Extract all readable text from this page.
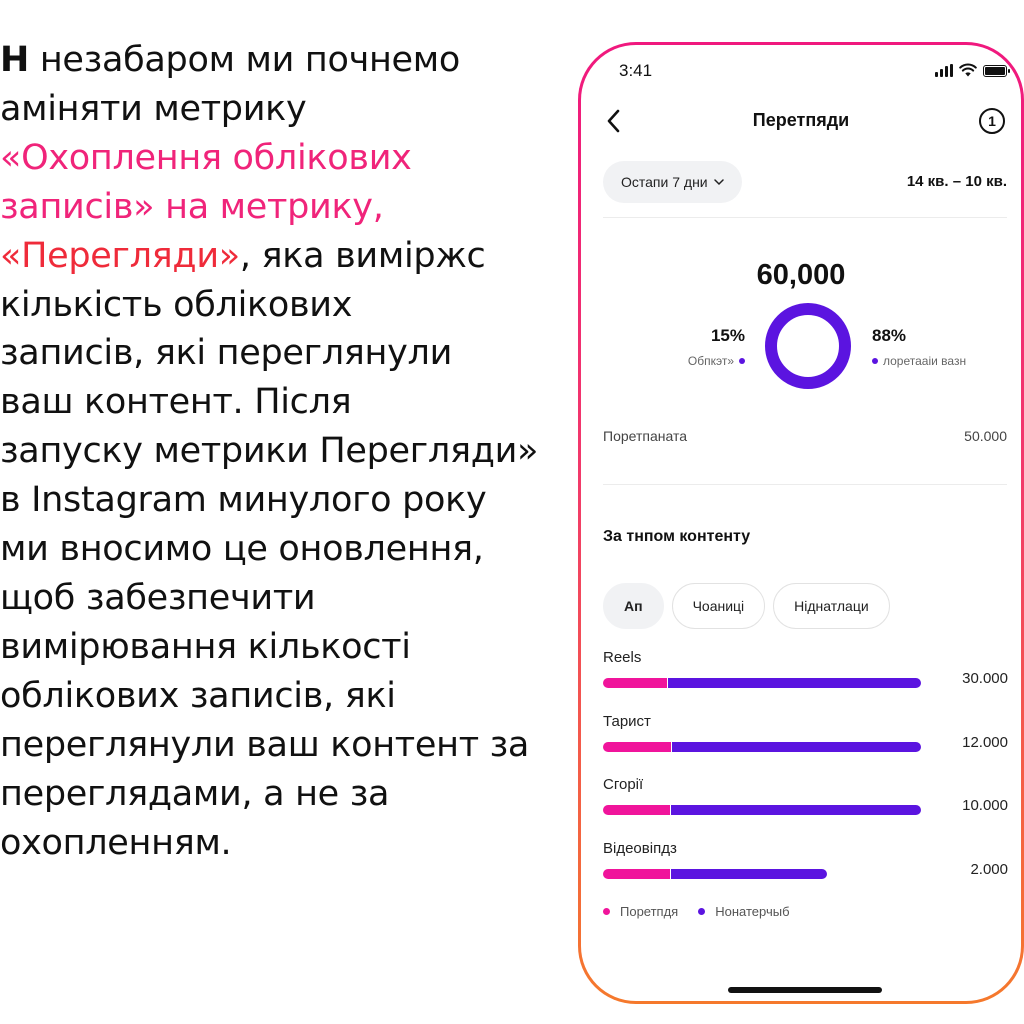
Н незабаром ми почнемо
аміняти метрику
«Охоплення облікових
записів» на метрику,
«Перегляди», яка виміржс
кількість облікових
записів, які переглянули
ваш контент. Після
запуску метрики Перегляди»
в Instagram минулого року
ми вносимо це оновлення,
щоб забезпечити
вимірювання кількості
облікових записів, які
переглянули ваш контент за
переглядами, а не за
охопленням.
3:41
Перетпяди	1
Остапи 7 дни	14 кв. – 10 кв.
60,000
15%
Обпкэт»
88%
лоретааіи вазн
Поретпаната	50.000
За тнпом контенту
Ап	Чоаниці	Ніднатлаци
Reels
30.000
Тарист
12.000
Сгорії
10.000
Відеовіпдз
2.000
Поретпдя	Нонатерчыб
